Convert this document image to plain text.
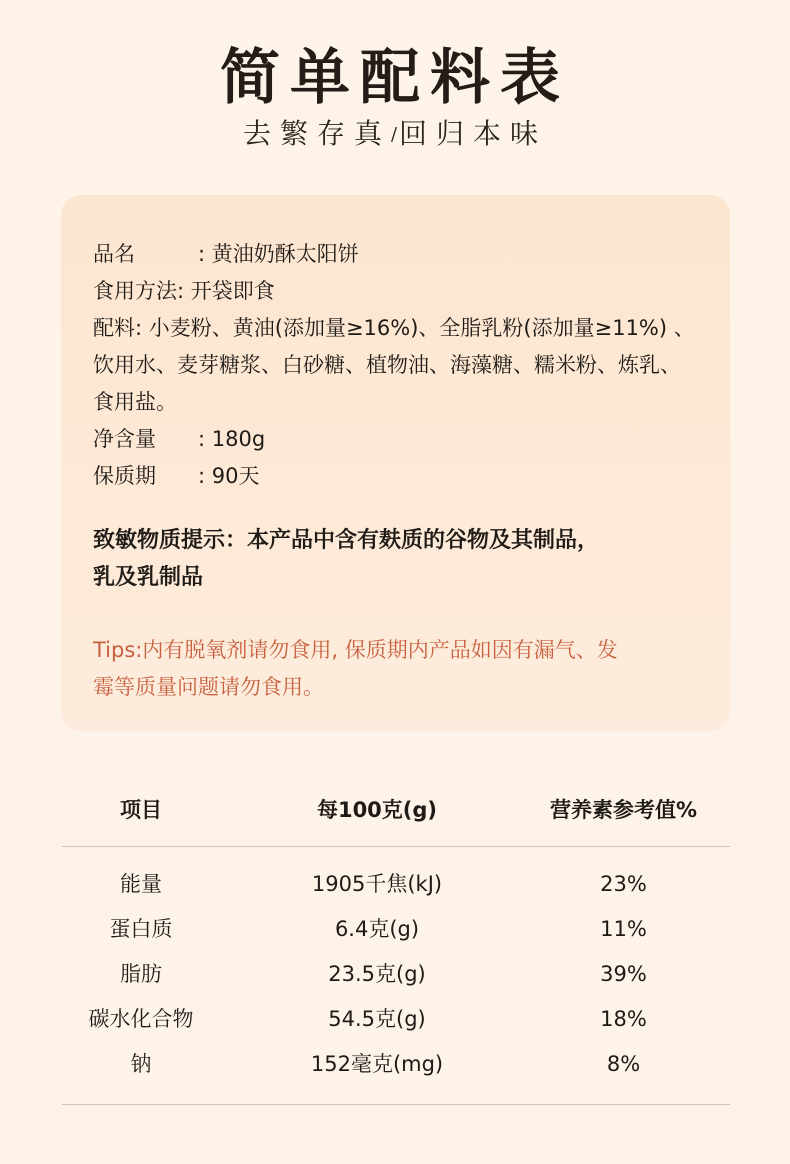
简单配料表
去繁存真/回归本味
品名	: 黄油奶酥太阳饼
食用方法: 开袋即食
配料: 小麦粉、黄油(添加量≥16%)、全脂乳粉(添加量≥11%) 、
饮用水、麦芽糖浆、白砂糖、植物油、海藻糖、糯米粉、炼乳、
食用盐。
净含量 : 180g
保质期 : 90天
致敏物质提示：本产品中含有麸质的谷物及其制品，
乳及乳制品
Tips:内有脱氧剂请勿食用, 保质期内产品如因有漏气、发
霉等质量问题请勿食用。
项目	每100克(g)	营养素参考值%
能量	1905千焦(kJ)	23%
蛋白质	6.4克(g)	11%
脂肪	23.5克(g)	39%
碳水化合物	54.5克(g)	18%
钠	152毫克(mg)	8%
